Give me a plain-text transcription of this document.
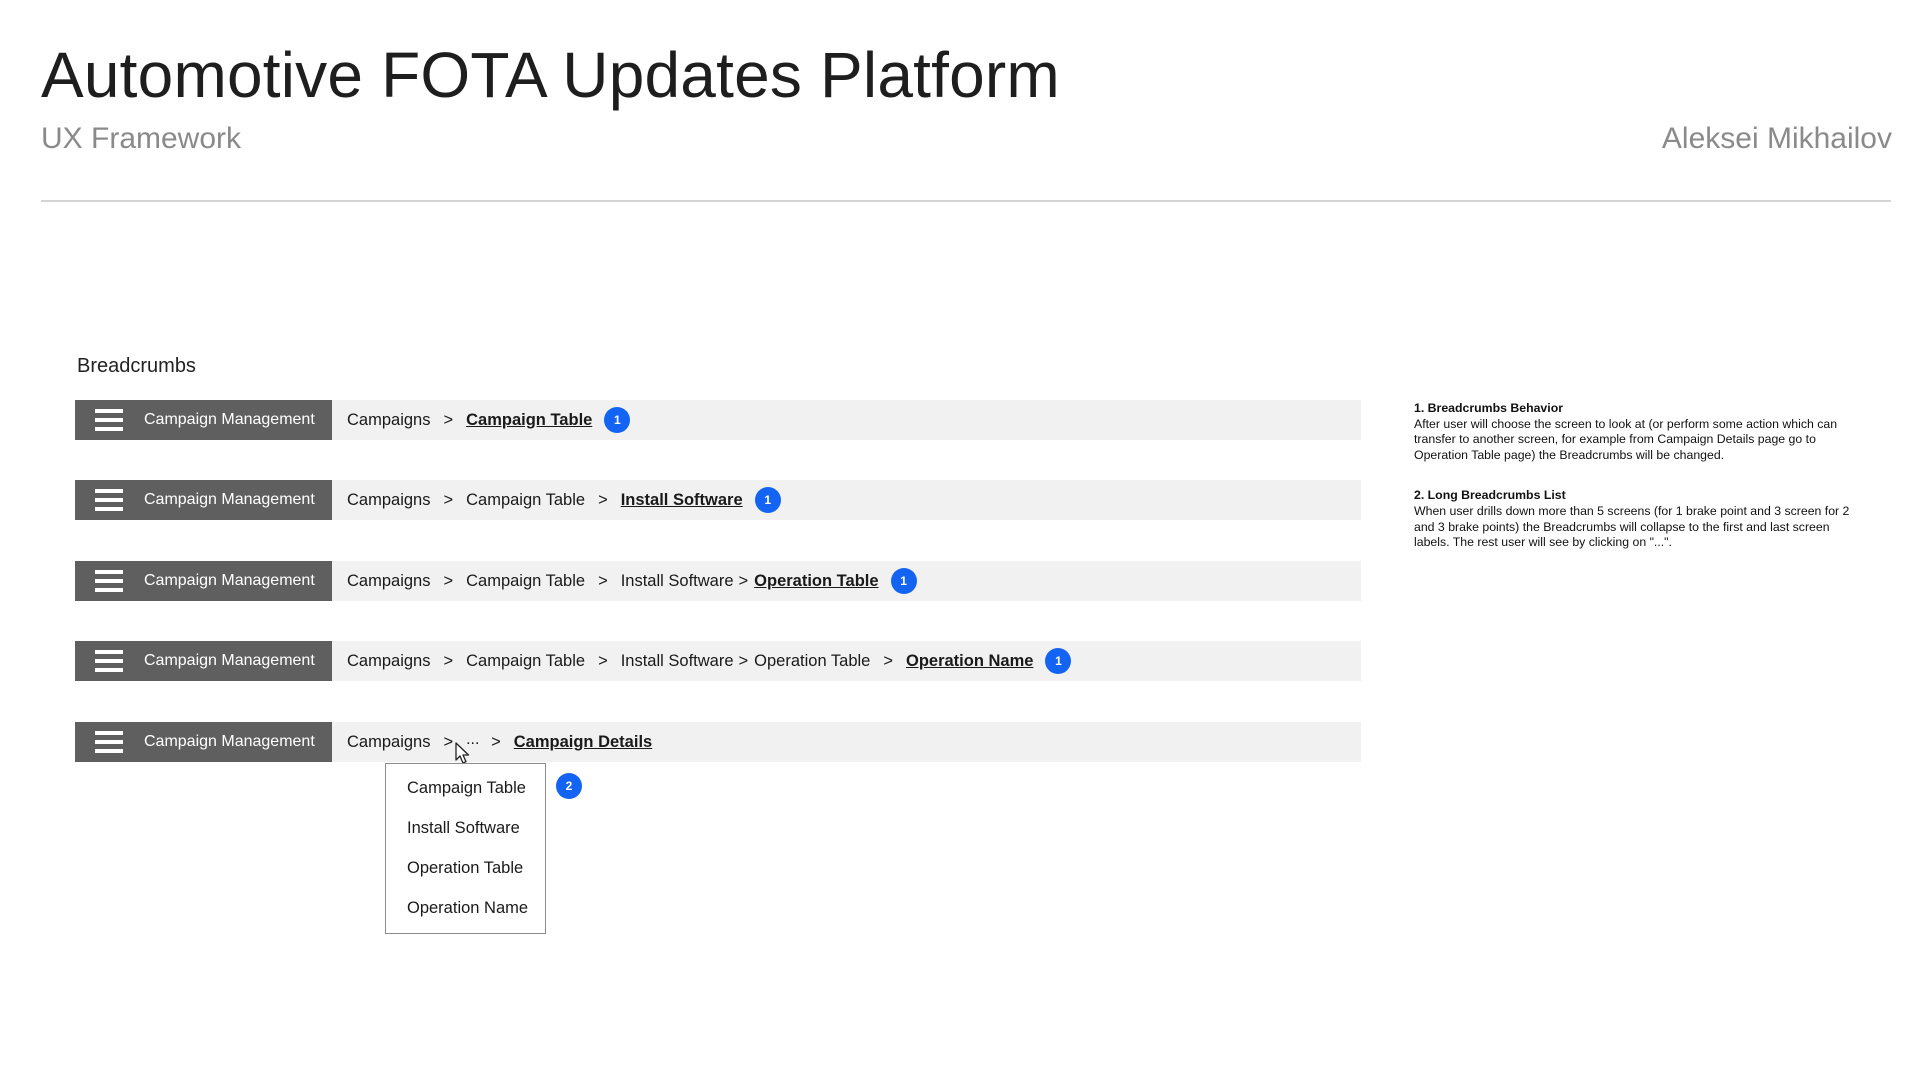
Automotive FOTA Updates Platform
UX Framework	Aleksei Mikhailov
Breadcrumbs
Campaign Management Campaigns > Campaign Table	1
Campaign Management Campaigns > Campaign Table > Install Software	1
Campaign Management Campaigns > Campaign Table > Install Software > Operation Table	1
Campaign Management Campaigns > Campaign Table > Install Software > Operation Table > Operation Name	1
Campaign Management Campaigns > ... > Campaign Details
Campaign Table
Install Software
Operation Table
Operation Name
2
1. Breadcrumbs Behavior

After user will choose the screen to look at (or perform some action which can transfer to another screen, for example from Campaign Details page go to Operation Table page) the Breadcrumbs will be changed.

2. Long Breadcrumbs List

When user drills down more than 5 screens (for 1 brake point and 3 screen for 2 and 3 brake points) the Breadcrumbs will collapse to the first and last screen labels. The rest user will see by clicking on "...".
